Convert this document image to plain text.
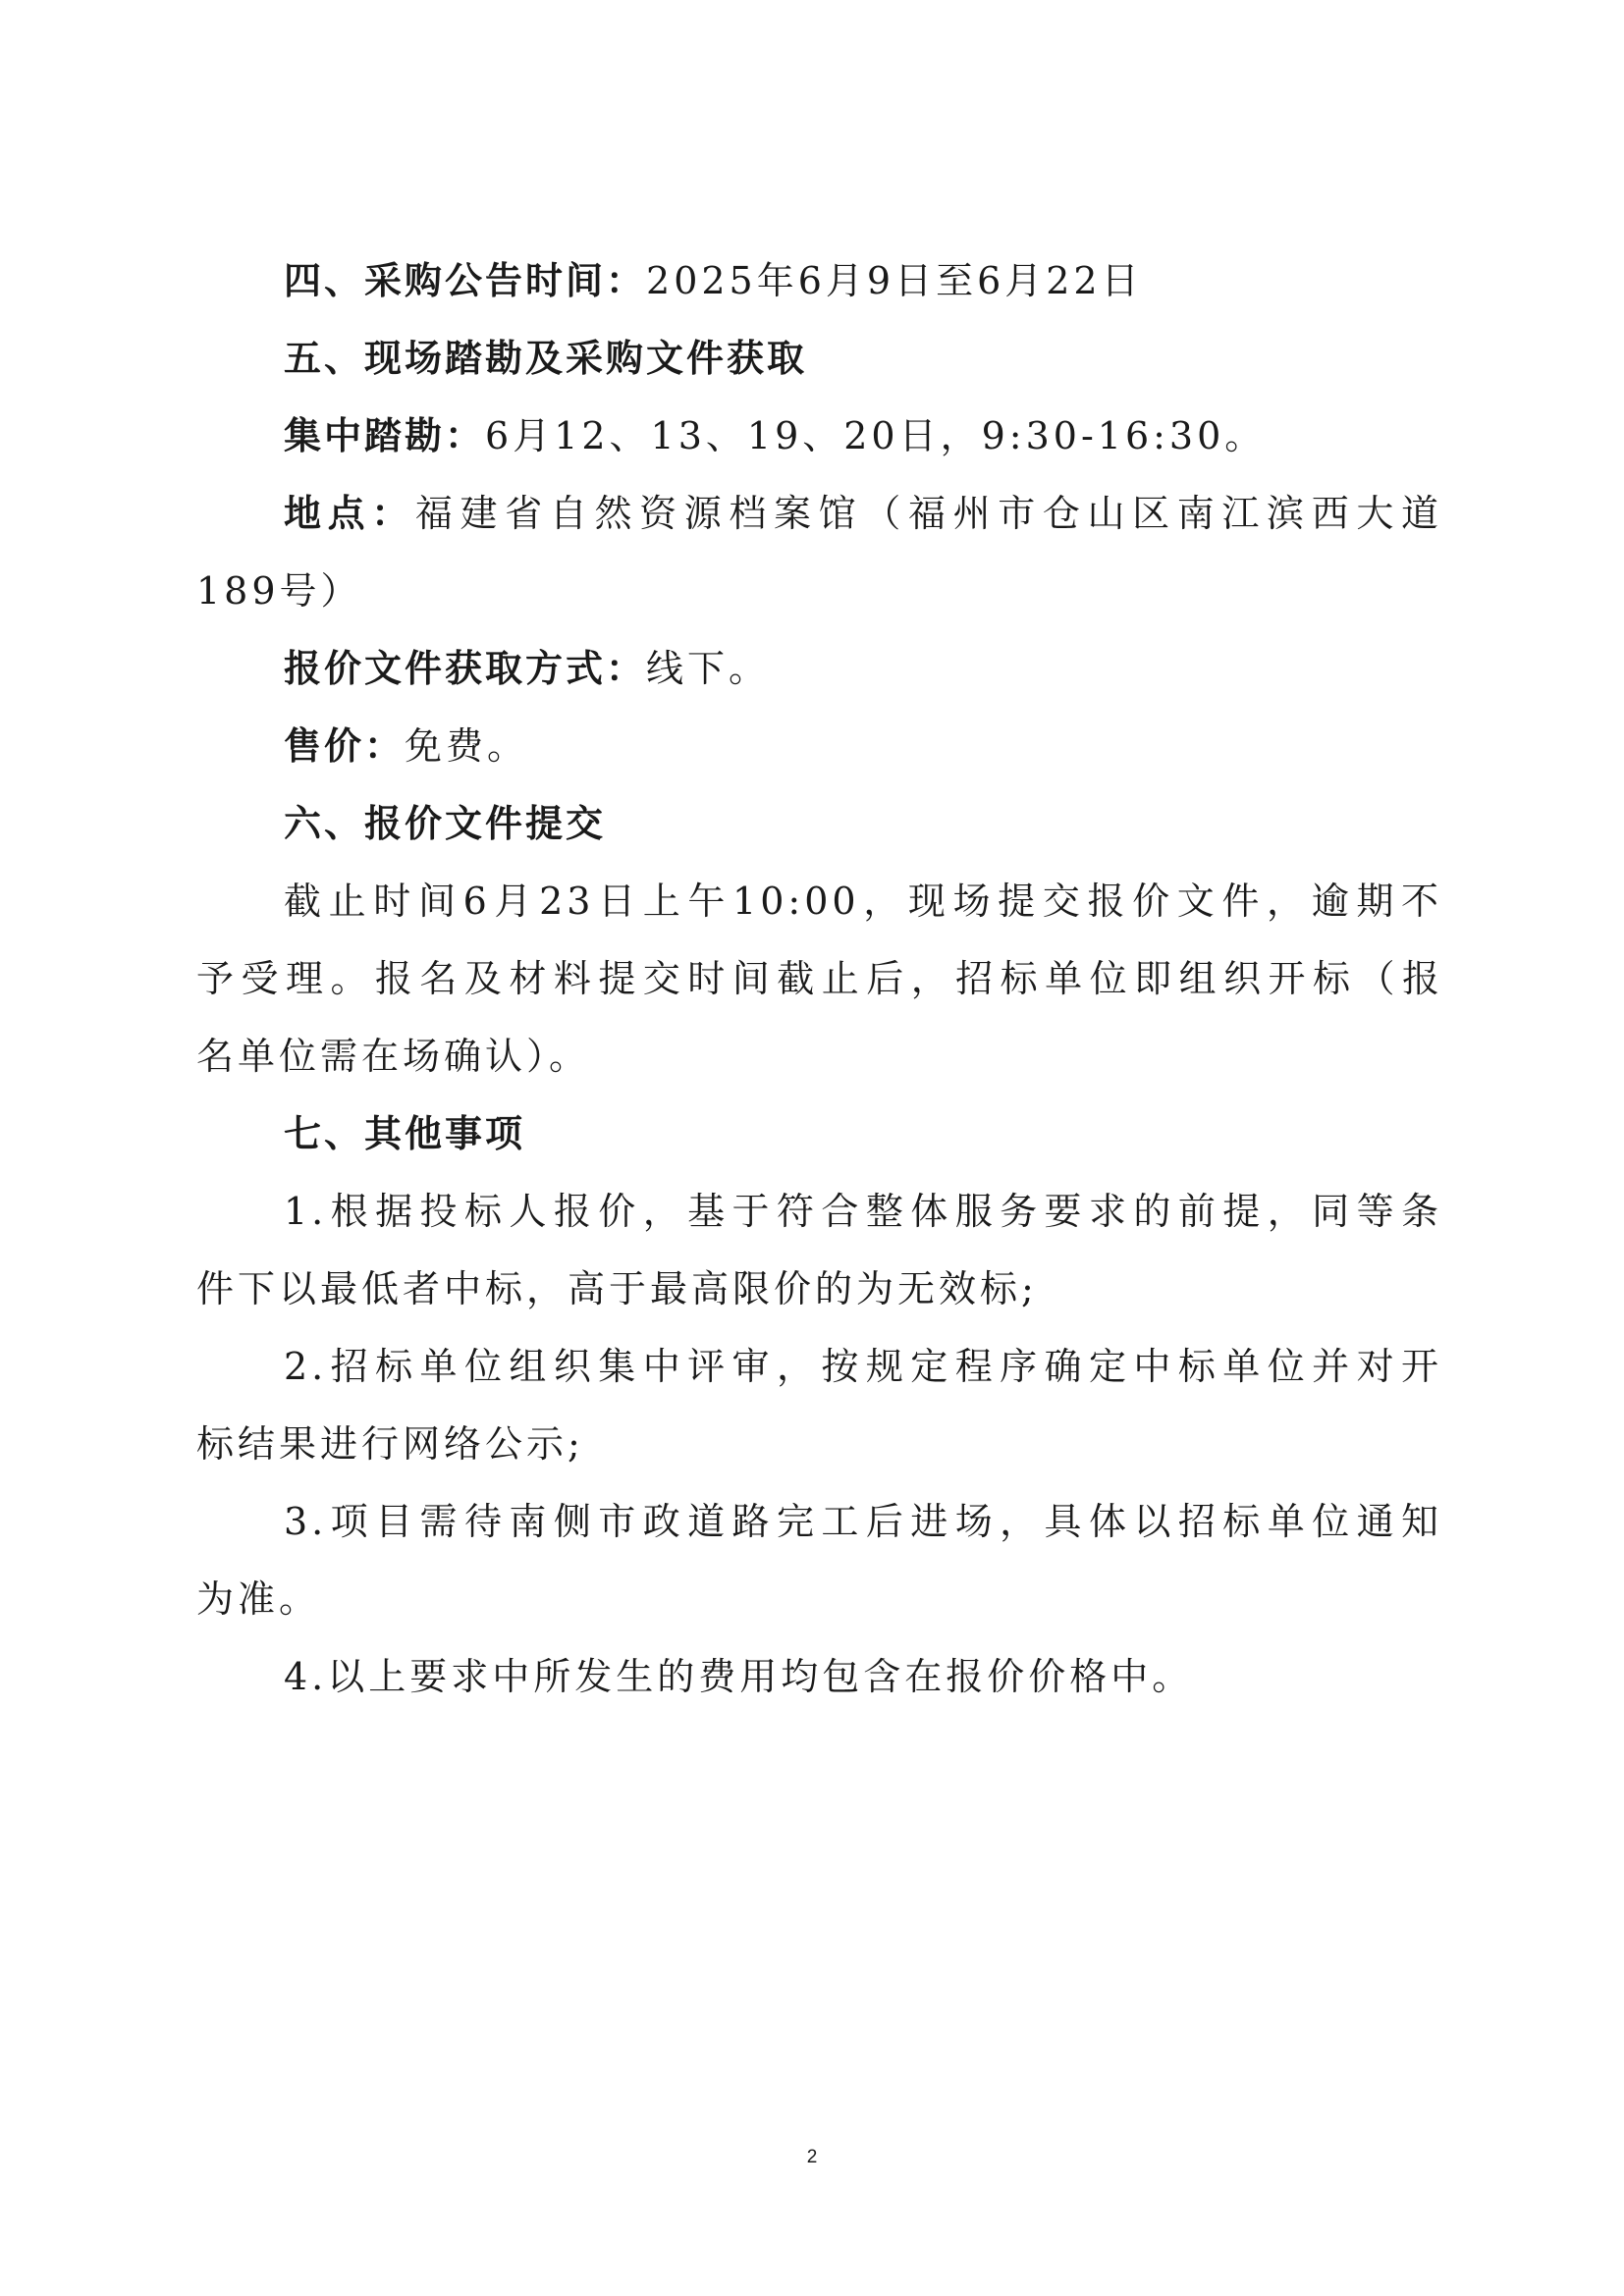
四、采购公告时间：2025年6月9日至6月22日
五、现场踏勘及采购文件获取
集中踏勘：6月12、13、19、20日，9:30-16:30。
地点：福建省自然资源档案馆（福州市仓山区南江滨西大道
189号）
报价文件获取方式：线下。
售价：免费。
六、报价文件提交
截止时间6月23日上午10:00，现场提交报价文件，逾期不
予受理。报名及材料提交时间截止后，招标单位即组织开标（报
名单位需在场确认）。
七、其他事项
1.根据投标人报价，基于符合整体服务要求的前提，同等条
件下以最低者中标，高于最高限价的为无效标;
2.招标单位组织集中评审，按规定程序确定中标单位并对开
标结果进行网络公示;
3.项目需待南侧市政道路完工后进场，具体以招标单位通知
为准。
4.以上要求中所发生的费用均包含在报价价格中。
2
